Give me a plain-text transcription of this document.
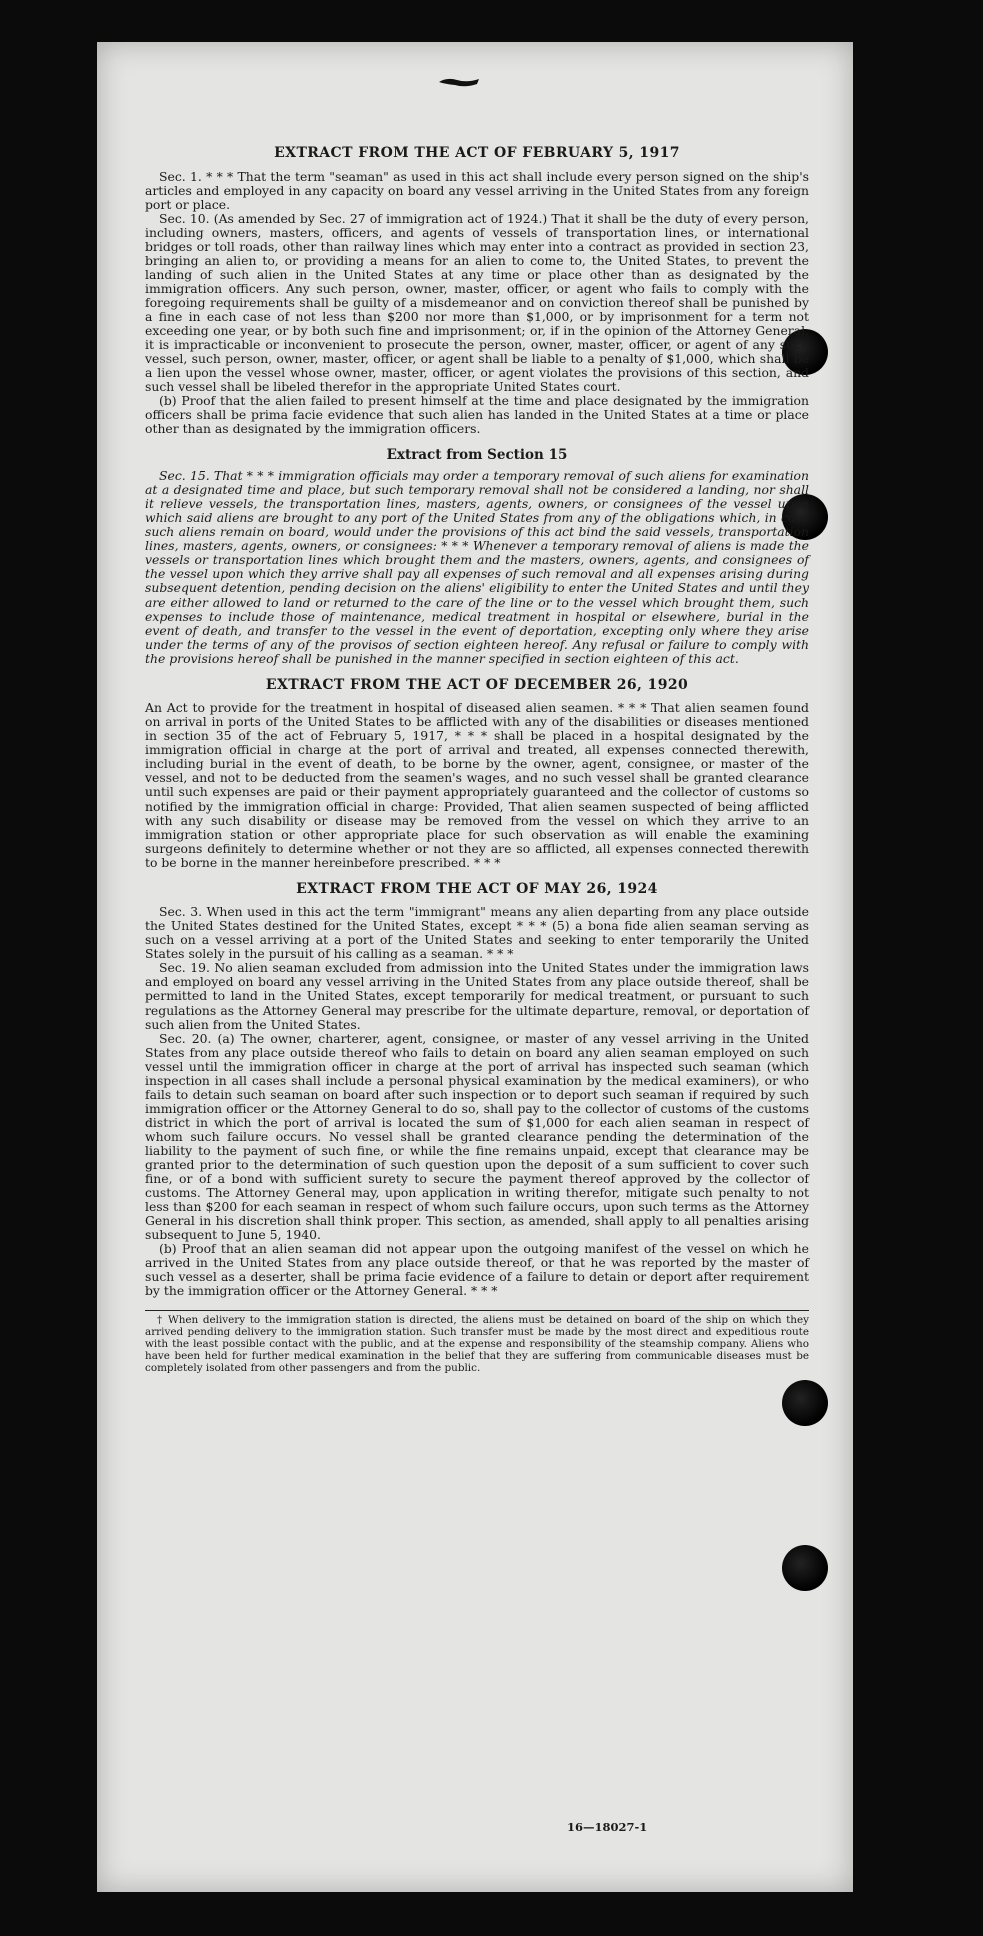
EXTRACT FROM THE ACT OF FEBRUARY 5, 1917

Sec. 1. * * * That the term "seaman" as used in this act shall include every person signed on the ship's articles and employed in any capacity on board any vessel arriving in the United States from any foreign port or place.

Sec. 10. (As amended by Sec. 27 of immigration act of 1924.) That it shall be the duty of every person, including owners, masters, officers, and agents of vessels of transportation lines, or international bridges or toll roads, other than railway lines which may enter into a contract as provided in section 23, bringing an alien to, or providing a means for an alien to come to, the United States, to prevent the landing of such alien in the United States at any time or place other than as designated by the immigration officers. Any such person, owner, master, officer, or agent who fails to comply with the foregoing requirements shall be guilty of a misdemeanor and on conviction thereof shall be punished by a fine in each case of not less than $200 nor more than $1,000, or by imprisonment for a term not exceeding one year, or by both such fine and imprisonment; or, if in the opinion of the Attorney General, it is impracticable or inconvenient to prosecute the person, owner, master, officer, or agent of any such vessel, such person, owner, master, officer, or agent shall be liable to a penalty of $1,000, which shall be a lien upon the vessel whose owner, master, officer, or agent violates the provisions of this section, and such vessel shall be libeled therefor in the appropriate United States court.

(b) Proof that the alien failed to present himself at the time and place designated by the immigration officers shall be prima facie evidence that such alien has landed in the United States at a time or place other than as designated by the immigration officers.

Extract from Section 15

Sec. 15. That * * * immigration officials may order a temporary removal of such aliens for examination at a designated time and place, but such temporary removal shall not be considered a landing, nor shall it relieve vessels, the transportation lines, masters, agents, owners, or consignees of the vessel upon which said aliens are brought to any port of the United States from any of the obligations which, in case such aliens remain on board, would under the provisions of this act bind the said vessels, transportation lines, masters, agents, owners, or consignees: * * * Whenever a temporary removal of aliens is made the vessels or transportation lines which brought them and the masters, owners, agents, and consignees of the vessel upon which they arrive shall pay all expenses of such removal and all expenses arising during subsequent detention, pending decision on the aliens' eligibility to enter the United States and until they are either allowed to land or returned to the care of the line or to the vessel which brought them, such expenses to include those of maintenance, medical treatment in hospital or elsewhere, burial in the event of death, and transfer to the vessel in the event of deportation, excepting only where they arise under the terms of any of the provisos of section eighteen hereof. Any refusal or failure to comply with the provisions hereof shall be punished in the manner specified in section eighteen of this act.

EXTRACT FROM THE ACT OF DECEMBER 26, 1920

An Act to provide for the treatment in hospital of diseased alien seamen. * * * That alien seamen found on arrival in ports of the United States to be afflicted with any of the disabilities or diseases mentioned in section 35 of the act of February 5, 1917, * * * shall be placed in a hospital designated by the immigration official in charge at the port of arrival and treated, all expenses connected therewith, including burial in the event of death, to be borne by the owner, agent, consignee, or master of the vessel, and not to be deducted from the seamen's wages, and no such vessel shall be granted clearance until such expenses are paid or their payment appropriately guaranteed and the collector of customs so notified by the immigration official in charge: Provided, That alien seamen suspected of being afflicted with any such disability or disease may be removed from the vessel on which they arrive to an immigration station or other appropriate place for such observation as will enable the examining surgeons definitely to determine whether or not they are so afflicted, all expenses connected therewith to be borne in the manner hereinbefore prescribed. * * *

EXTRACT FROM THE ACT OF MAY 26, 1924

Sec. 3. When used in this act the term "immigrant" means any alien departing from any place outside the United States destined for the United States, except * * * (5) a bona fide alien seaman serving as such on a vessel arriving at a port of the United States and seeking to enter temporarily the United States solely in the pursuit of his calling as a seaman. * * *

Sec. 19. No alien seaman excluded from admission into the United States under the immigration laws and employed on board any vessel arriving in the United States from any place outside thereof, shall be permitted to land in the United States, except temporarily for medical treatment, or pursuant to such regulations as the Attorney General may prescribe for the ultimate departure, removal, or deportation of such alien from the United States.

Sec. 20. (a) The owner, charterer, agent, consignee, or master of any vessel arriving in the United States from any place outside thereof who fails to detain on board any alien seaman employed on such vessel until the immigration officer in charge at the port of arrival has inspected such seaman (which inspection in all cases shall include a personal physical examination by the medical examiners), or who fails to detain such seaman on board after such inspection or to deport such seaman if required by such immigration officer or the Attorney General to do so, shall pay to the collector of customs of the customs district in which the port of arrival is located the sum of $1,000 for each alien seaman in respect of whom such failure occurs. No vessel shall be granted clearance pending the determination of the liability to the payment of such fine, or while the fine remains unpaid, except that clearance may be granted prior to the determination of such question upon the deposit of a sum sufficient to cover such fine, or of a bond with sufficient surety to secure the payment thereof approved by the collector of customs. The Attorney General may, upon application in writing therefor, mitigate such penalty to not less than $200 for each seaman in respect of whom such failure occurs, upon such terms as the Attorney General in his discretion shall think proper. This section, as amended, shall apply to all penalties arising subsequent to June 5, 1940.

(b) Proof that an alien seaman did not appear upon the outgoing manifest of the vessel on which he arrived in the United States from any place outside thereof, or that he was reported by the master of such vessel as a deserter, shall be prima facie evidence of a failure to detain or deport after requirement by the immigration officer or the Attorney General. * * *

† When delivery to the immigration station is directed, the aliens must be detained on board of the ship on which they arrived pending delivery to the immigration station. Such transfer must be made by the most direct and expeditious route with the least possible contact with the public, and at the expense and responsibility of the steamship company. Aliens who have been held for further medical examination in the belief that they are suffering from communicable diseases must be completely isolated from other passengers and from the public.

16—18027-1
